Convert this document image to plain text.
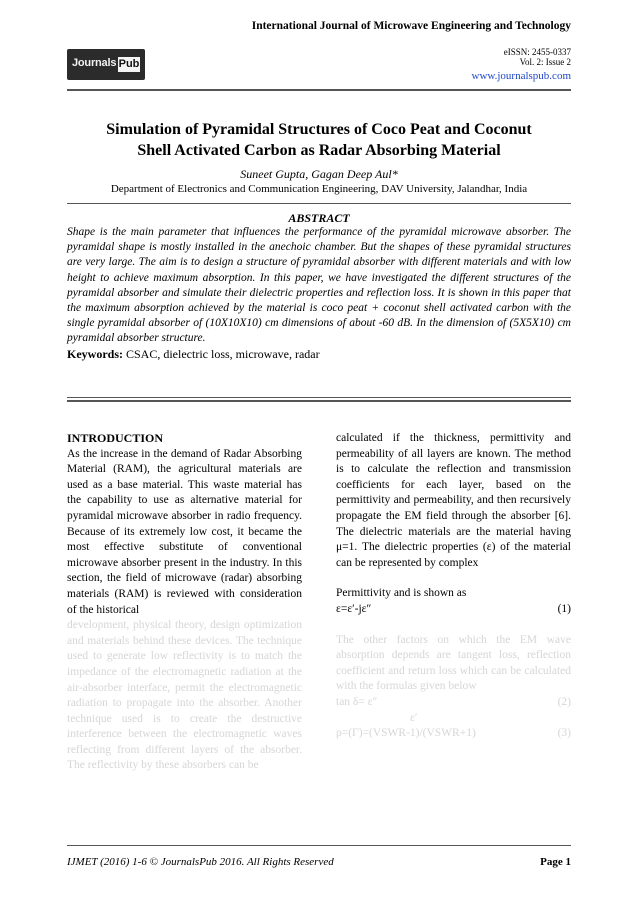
Journals Pub
International Journal of Microwave Engineering and Technology
eISSN: 2455-0337
Vol. 2: Issue 2
www.journalspub.com
Simulation of Pyramidal Structures of Coco Peat and Coconut
Shell Activated Carbon as Radar Absorbing Material
Suneet Gupta, Gagan Deep Aul*
Department of Electronics and Communication Engineering, DAV University, Jalandhar, India
ABSTRACT
Shape is the main parameter that influences the performance of the pyramidal microwave absorber. The pyramidal shape is mostly installed in the anechoic chamber. But the shapes of these pyramidal structures are very large. The aim is to design a structure of pyramidal absorber with different materials and with low height to achieve maximum absorption. In this paper, we have investigated the different structures of the pyramidal absorber and simulate their dielectric properties and reflection loss. It is shown in this paper that the maximum absorption achieved by the material is coco peat + coconut shell activated carbon with the single pyramidal absorber of (10X10X10) cm dimensions of about -60 dB. In the dimension of (5X5X10) cm pyramidal absorber structure.
Keywords: CSAC, dielectric loss, microwave, radar
INTRODUCTION

As the increase in the demand of Radar Absorbing Material (RAM), the agricultural materials are used as a base material. This waste material has the capability to use as alternative material for pyramidal microwave absorber in radio frequency. Because of its extremely low cost, it became the most effective substitute of conventional microwave absorber present in the industry. In this section, the field of microwave (radar) absorbing materials (RAM) is reviewed with consideration of the historical

development, physical theory, design optimization and materials behind these devices. The technique used to generate low reflectivity is to match the impedance of the electromagnetic radiation at the air-absorber interface, permit the electromagnetic radiation to propagate into the absorber. Another technique used is to create the destructive interference between the electromagnetic waves reflecting from different layers of the absorber. The reflectivity by these absorbers can be

calculated if the thickness, permittivity and permeability of all layers are known. The method is to calculate the reflection and transmission coefficients for each layer, based on the permittivity and permeability, and then recursively propagate the EM field through the absorber [6]. The dielectric materials are the material having μ=1. The dielectric properties (ε) of the material can be represented by complex

Permittivity and is shown as
ε=ε′-jε″	(1)

The other factors on which the EM wave absorption depends are tangent loss, reflection coefficient and return loss which can be calculated with the formulas given below

tan δ= ε″	(2)
ε′
ρ=(Γ)=(VSWR-1)/(VSWR+1)	(3)
IJMET (2016) 1-6 © JournalsPub 2016. All Rights Reserved	Page 1
